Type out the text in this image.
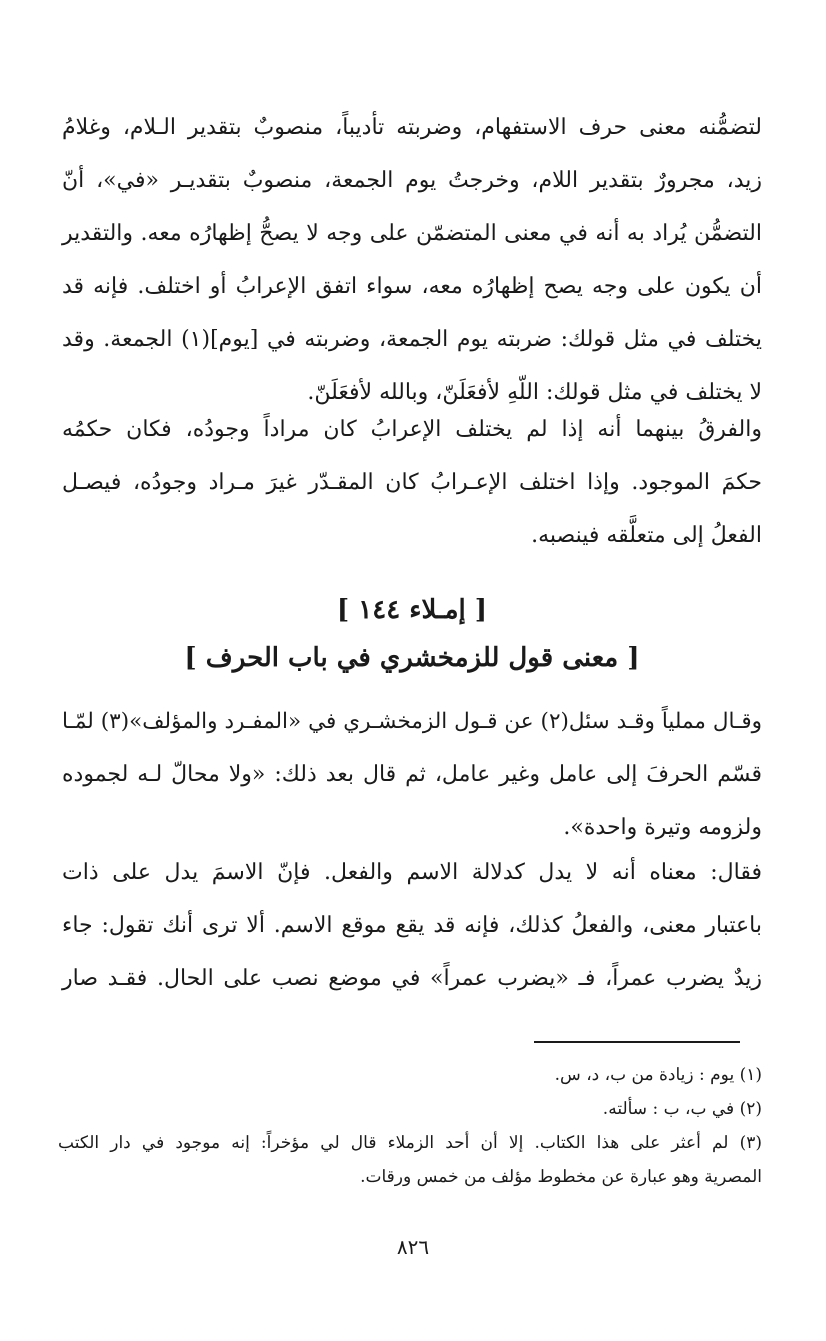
لتضمُّنه معنى حرف الاستفهام، وضربته تأديباً، منصوبٌ بتقدير الـلام، وغلامُ
زيد، مجرورٌ بتقدير اللام، وخرجتُ يوم الجمعة، منصوبٌ بتقديـر «في»، أنّ
التضمُّن يُراد به أنه في معنى المتضمّن على وجه لا يصحُّ إظهارُه معه. والتقدير
أن يكون على وجه يصح إظهارُه معه، سواء اتفق الإعرابُ أو اختلف. فإنه قد
يختلف في مثل قولك: ضربته يوم الجمعة، وضربته في [يوم](١) الجمعة. وقد
لا يختلف في مثل قولك: اللّهِ لأفعَلَنّ، وبالله لأفعَلَنّ.
والفرقُ بينهما أنه إذا لم يختلف الإعرابُ كان مراداً وجودُه، فكان حكمُه
حكمَ الموجود. وإذا اختلف الإعـرابُ كان المقـدّر غيرَ مـراد وجودُه، فيصـل
الفعلُ إلى متعلَّقه فينصبه.
[ إمـلاء ١٤٤ ]
[ معنى قول للزمخشري في باب الحرف ]
وقـال مملياً وقـد سئل(٢) عن قـول الزمخشـري في «المفـرد والمؤلف»(٣) لمّـا
قسّم الحرفَ إلى عامل وغير عامل، ثم قال بعد ذلك: «ولا محالّ لـه لجموده
ولزومه وتيرة واحدة».
فقال: معناه أنه لا يدل كدلالة الاسم والفعل. فإنّ الاسمَ يدل على ذات
باعتبار معنى، والفعلُ كذلك، فإنه قد يقع موقع الاسم. ألا ترى أنك تقول: جاء
زيدٌ يضرب عمراً، فـ «يضرب عمراً» في موضع نصب على الحال. فقـد صار
(١) يوم : زيادة من ب، د، س.
(٢) في ب، ب : سألته.
(٣) لم أعثر على هذا الكتاب. إلا أن أحد الزملاء قال لي مؤخراً: إنه موجود في دار الكتب
المصرية وهو عبارة عن مخطوط مؤلف من خمس ورقات.
٨٢٦
